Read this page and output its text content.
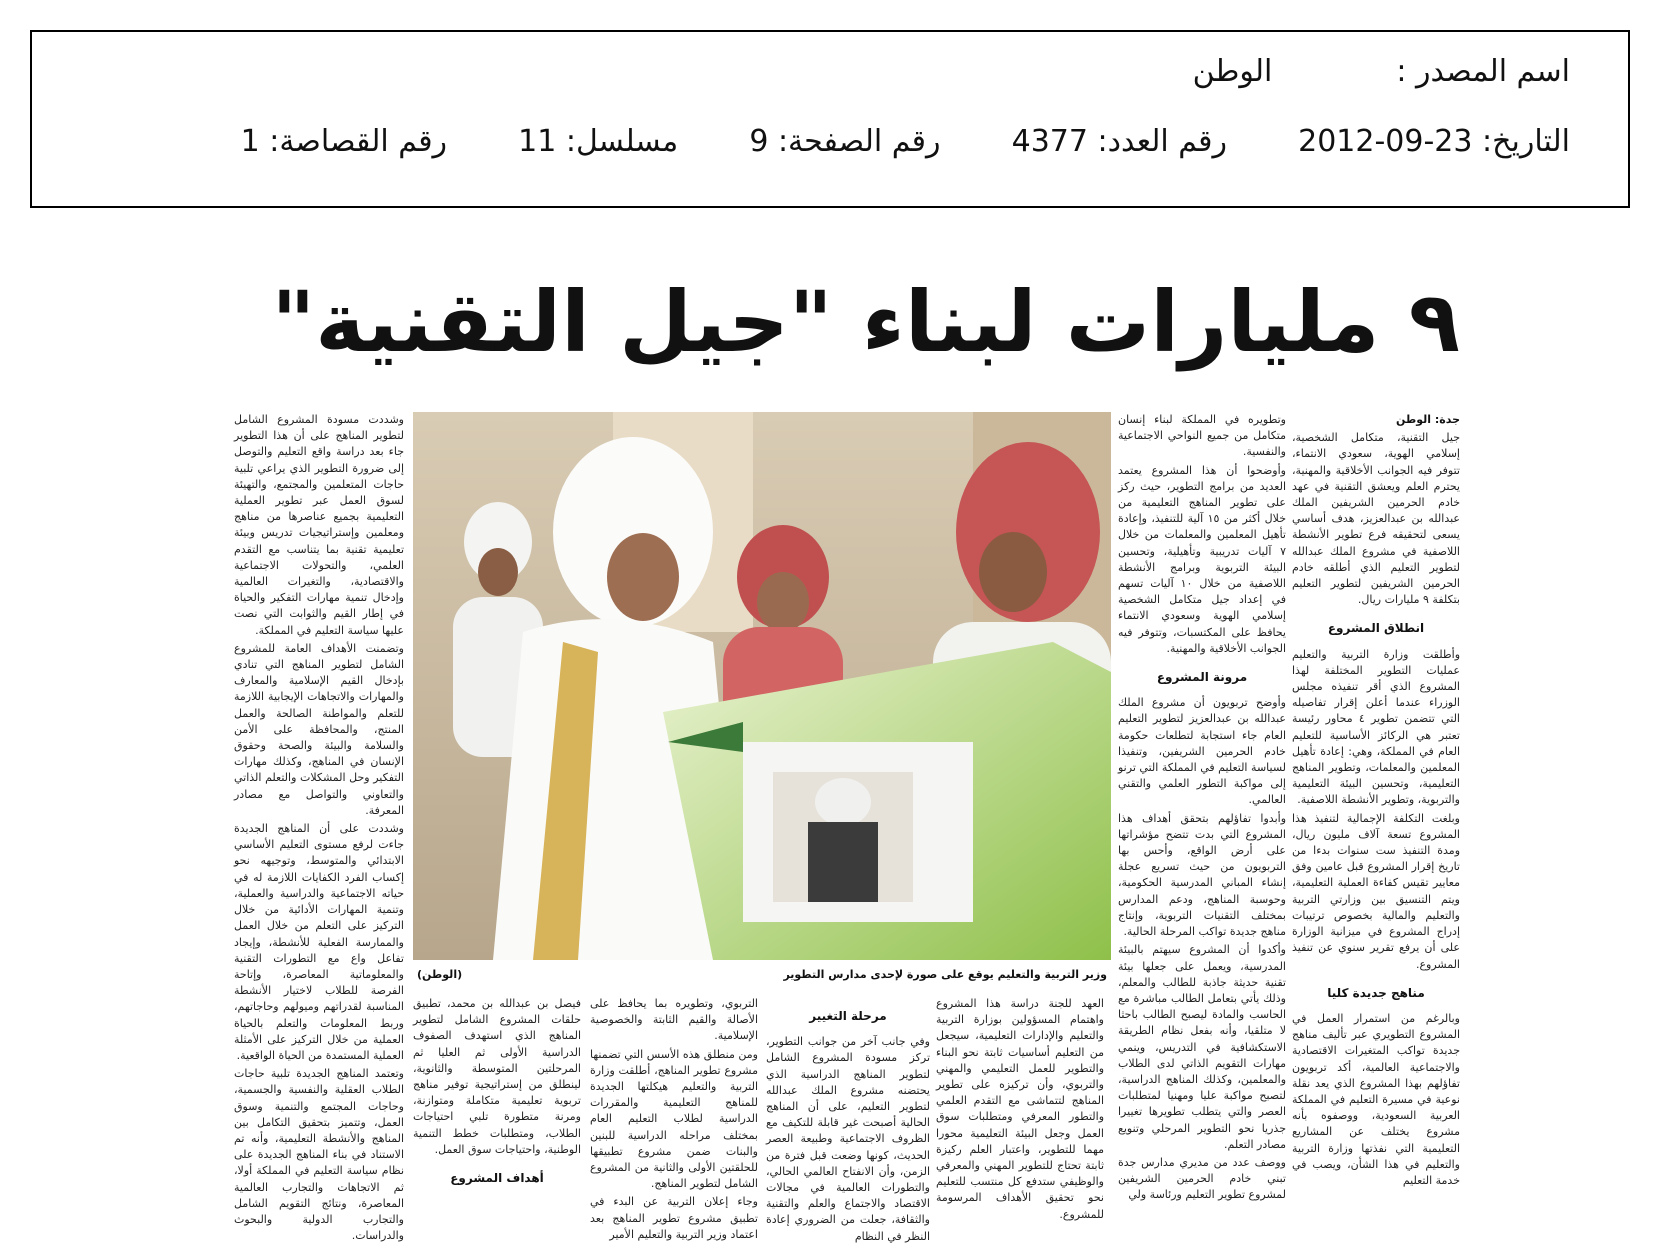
اسم المصدر :الوطن
التاريخ: 2012-09-23  رقم العدد: 4377  رقم الصفحة: 9  مسلسل: 11  رقم القصاصة: 1
٩ مليارات لبناء "جيل التقنية"

جدة: الوطن

جيل التقنية، متكامل الشخصية، إسلامي الهوية، سعودي الانتماء، تتوفر فيه الجوانب الأخلاقية والمهنية، يحترم العلم ويعشق التقنية في عهد خادم الحرمين الشريفين الملك عبدالله بن عبدالعزيز، هدف أساسي يسعى لتحقيقه فرع تطوير الأنشطة اللاصفية في مشروع الملك عبدالله لتطوير التعليم الذي أطلقه خادم الحرمين الشريفين لتطوير التعليم بتكلفة ٩ مليارات ريال.

انطلاق المشروع

وأطلقت وزارة التربية والتعليم عمليات التطوير المختلفة لهذا المشروع الذي أقر تنفيذه مجلس الوزراء عندما أعلن إقرار تفاصيله التي تتضمن تطوير ٤ محاور رئيسة تعتبر هي الركائز الأساسية للتعليم العام في المملكة، وهي: إعادة تأهيل المعلمين والمعلمات، وتطوير المناهج التعليمية، وتحسين البيئة التعليمية والتربوية، وتطوير الأنشطة اللاصفية.

وبلغت التكلفة الإجمالية لتنفيذ هذا المشروع تسعة آلاف مليون ريال، ومدة التنفيذ ست سنوات بدءا من تاريخ إقرار المشروع قبل عامين وفق معايير تقيس كفاءة العملية التعليمية، ويتم التنسيق بين وزارتي التربية والتعليم والمالية بخصوص ترتيبات إدراج المشروع في ميزانية الوزارة على أن يرفع تقرير سنوي عن تنفيذ المشروع.

مناهج جديدة كليا

وبالرغم من استمرار العمل في المشروع التطويري عبر تأليف مناهج جديدة تواكب المتغيرات الاقتصادية والاجتماعية العالمية، أكد تربويون تفاؤلهم بهذا المشروع الذي يعد نقلة نوعية في مسيرة التعليم في المملكة العربية السعودية، ووصفوه بأنه مشروع يختلف عن المشاريع التعليمية التي نفذتها وزارة التربية والتعليم في هذا الشأن، ويصب في خدمة التعليم

وتطويره في المملكة لبناء إنسان متكامل من جميع النواحي الاجتماعية والنفسية.

وأوضحوا أن هذا المشروع يعتمد العديد من برامج التطوير، حيث ركز على تطوير المناهج التعليمية من خلال أكثر من ١٥ آلية للتنفيذ، وإعادة تأهيل المعلمين والمعلمات من خلال ٧ آليات تدريبية وتأهيلية، وتحسين البيئة التربوية وبرامج الأنشطة اللاصفية من خلال ١٠ آليات تسهم في إعداد جيل متكامل الشخصية إسلامي الهوية وسعودي الانتماء يحافظ على المكتسبات، وتتوفر فيه الجوانب الأخلاقية والمهنية.

مرونة المشروع

وأوضح تربويون أن مشروع الملك عبدالله بن عبدالعزيز لتطوير التعليم العام جاء استجابة لتطلعات حكومة خادم الحرمين الشريفين، وتنفيذا لسياسة التعليم في المملكة التي ترنو إلى مواكبة التطور العلمي والتقني العالمي.

وأبدوا تفاؤلهم بتحقق أهداف هذا المشروع التي بدت تتضح مؤشراتها على أرض الواقع، وأحس بها التربويون من حيث تسريع عجلة إنشاء المباني المدرسية الحكومية، وحوسبة المناهج، ودعم المدارس بمختلف التقنيات التربوية، وإنتاج مناهج جديدة تواكب المرحلة الحالية.

وأكدوا أن المشروع سيهتم بالبيئة المدرسية، ويعمل على جعلها بيئة تقنية حديثة جاذبة للطالب والمعلم، وذلك يأتي بتعامل الطالب مباشرة مع الحاسب والمادة ليصبح الطالب باحثا لا متلقيا، وأنه بفعل نظام الطريقة الاستكشافية في التدريس، وينمي مهارات التقويم الذاتي لدى الطلاب والمعلمين، وكذلك المناهج الدراسية، لتصبح مواكبة عليا ومهنيا لمتطلبات العصر والتي يتطلب تطويرها تغييرا جذريا نحو التطوير المرحلي وتنويع مصادر التعلم.

ووصف عدد من مديري مدارس جدة تبني خادم الحرمين الشريفين لمشروع تطوير التعليم ورئاسة ولي

العهد للجنة دراسة هذا المشروع واهتمام المسؤولين بوزارة التربية والتعليم والإدارات التعليمية، سيجعل من التعليم أساسيات ثابتة نحو البناء والتطوير للعمل التعليمي والمهني والتربوي، وأن تركيزه على تطوير المناهج لتتماشى مع التقدم العلمي والتطور المعرفي ومتطلبات سوق العمل وجعل البيئة التعليمية محورا مهما للتطوير، واعتبار العلم ركيزة ثابتة تحتاج للتطوير المهني والمعرفي والوظيفي ستدفع كل منتسب للتعليم نحو تحقيق الأهداف المرسومة للمشروع.

مرحلة التغيير

وفي جانب آخر من جوانب التطوير، تركز مسودة المشروع الشامل لتطوير المناهج الدراسية الذي يحتضنه مشروع الملك عبدالله لتطوير التعليم، على أن المناهج الحالية أصبحت غير قابلة للتكيف مع الظروف الاجتماعية وطبيعة العصر الحديث، كونها وضعت قبل فترة من الزمن، وأن الانفتاح العالمي الحالي، والتطورات العالمية في مجالات الاقتصاد والاجتماع والعلم والتقنية والثقافة، جعلت من الضروري إعادة النظر في النظام

التربوي، وتطويره بما يحافظ على الأصالة والقيم الثابتة والخصوصية الإسلامية.

ومن منطلق هذه الأسس التي تضمنها مشروع تطوير المناهج، أطلقت وزارة التربية والتعليم هيكلتها الجديدة للمناهج التعليمية والمقررات الدراسية لطلاب التعليم العام بمختلف مراحله الدراسية للبنين والبنات ضمن مشروع تطبيقها للحلقتين الأولى والثانية من المشروع الشامل لتطوير المناهج.

وجاء إعلان التربية عن البدء في تطبيق مشروع تطوير المناهج بعد اعتماد وزير التربية والتعليم الأمير

فيصل بن عبدالله بن محمد، تطبيق حلقات المشروع الشامل لتطوير المناهج الذي استهدف الصفوف الدراسية الأولى ثم العليا ثم المرحلتين المتوسطة والثانوية، لينطلق من إستراتيجية توفير مناهج تربوية تعليمية متكاملة ومتوازنة، ومرنة متطورة تلبي احتياجات الطلاب، ومتطلبات خطط التنمية الوطنية، واحتياجات سوق العمل.

أهداف المشروع

وشددت مسودة المشروع الشامل لتطوير المناهج على أن هذا التطوير جاء بعد دراسة واقع التعليم والتوصل إلى ضرورة التطوير الذي يراعي تلبية حاجات المتعلمين والمجتمع، والتهيئة لسوق العمل عبر تطوير العملية التعليمية بجميع عناصرها من مناهج ومعلمين وإستراتيجيات تدريس وبيئة تعليمية تقنية بما يتناسب مع التقدم العلمي، والتحولات الاجتماعية والاقتصادية، والتغيرات العالمية وإدخال تنمية مهارات التفكير والحياة في إطار القيم والثوابت التي نصت عليها سياسة التعليم في المملكة.

وتضمنت الأهداف العامة للمشروع الشامل لتطوير المناهج التي تنادي بإدخال القيم الإسلامية والمعارف والمهارات والاتجاهات الإيجابية اللازمة للتعلم والمواطنة الصالحة والعمل المنتج، والمحافظة على الأمن والسلامة والبيئة والصحة وحقوق الإنسان في المناهج، وكذلك مهارات التفكير وحل المشكلات والتعلم الذاتي والتعاوني والتواصل مع مصادر المعرفة.

وشددت على أن المناهج الجديدة جاءت لرفع مستوى التعليم الأساسي الابتدائي والمتوسط، وتوجيهه نحو إكساب الفرد الكفايات اللازمة له في حياته الاجتماعية والدراسية والعملية، وتنمية المهارات الأدائية من خلال التركيز على التعلم من خلال العمل والممارسة الفعلية للأنشطة، وإيجاد تفاعل واع مع التطورات التقنية والمعلوماتية المعاصرة، وإتاحة الفرصة للطلاب لاختيار الأنشطة المناسبة لقدراتهم وميولهم وحاجاتهم، وربط المعلومات والتعلم بالحياة العملية من خلال التركيز على الأمثلة العملية المستمدة من الحياة الواقعية.

وتعتمد المناهج الجديدة تلبية حاجات الطلاب العقلية والنفسية والجسمية، وحاجات المجتمع والتنمية وسوق العمل، وتتميز بتحقيق التكامل بين المناهج والأنشطة التعليمية، وأنه تم الاستناد في بناء المناهج الجديدة على نظام سياسة التعليم في المملكة أولا، ثم الاتجاهات والتجارب العالمية المعاصرة، ونتائج التقويم الشامل والتجارب الدولية والبحوث والدراسات.

وزير التربية والتعليم يوقع على صورة لإحدى مدارس التطوير
(الوطن)
